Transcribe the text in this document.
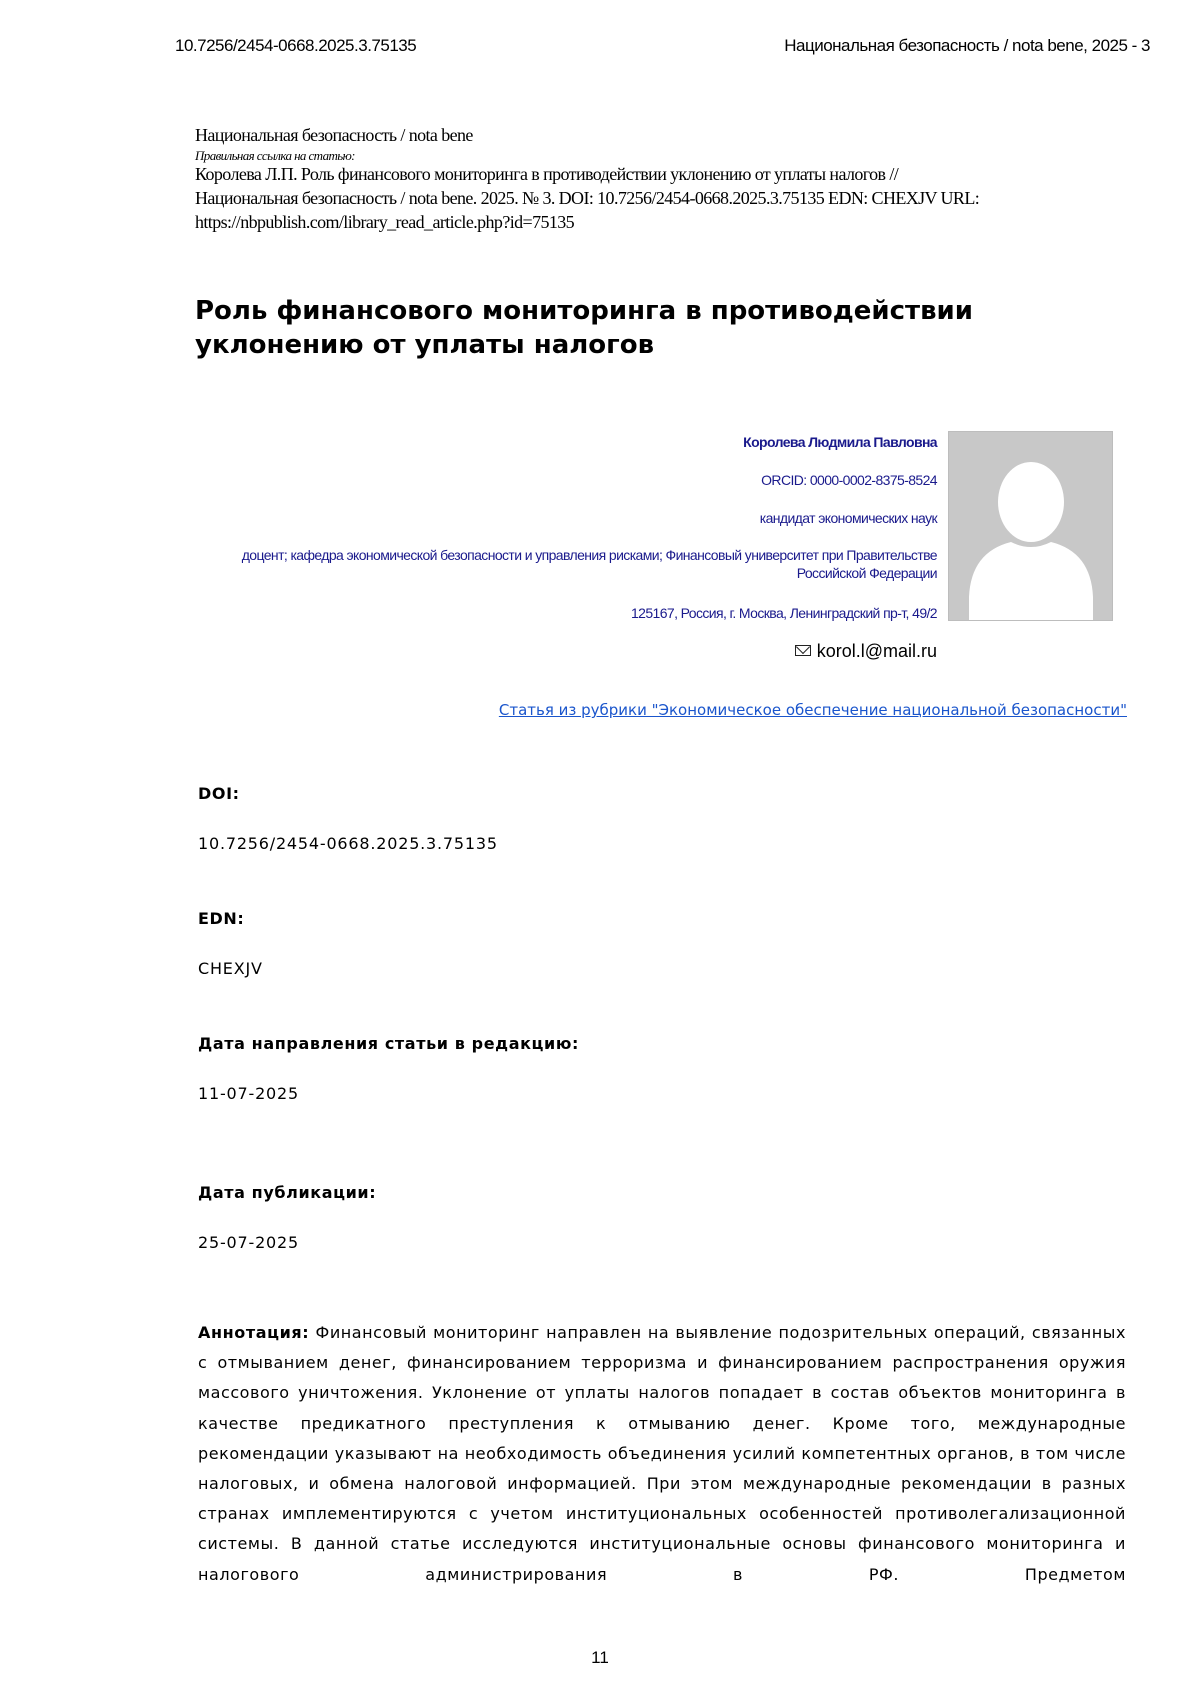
10.7256/2454-0668.2025.3.75135	Национальная безопасность / nota bene, 2025 - 3
Национальная безопасность / nota bene
Правильная ссылка на статью:
Королева Л.П. Роль финансового мониторинга в противодействии уклонению от уплаты налогов //
Национальная безопасность / nota bene. 2025. № 3. DOI: 10.7256/2454-0668.2025.3.75135 EDN: CHEXJV URL:
https://nbpublish.com/library_read_article.php?id=75135
Роль финансового мониторинга в противодействии уклонению от уплаты налогов
Королева Людмила Павловна
ORCID: 0000-0002-8375-8524
кандидат экономических наук
доцент; кафедра экономической безопасности и управления рисками; Финансовый университет при Правительстве Российской Федерации
125167, Россия, г. Москва, Ленинградский пр-т, 49/2
korol.l@mail.ru
Статья из рубрики "Экономическое обеспечение национальной безопасности"
DOI:
10.7256/2454-0668.2025.3.75135
EDN:
CHEXJV
Дата направления статьи в редакцию:
11-07-2025
Дата публикации:
25-07-2025

Аннотация: Финансовый мониторинг направлен на выявление подозрительных операций, связанных с отмыванием денег, финансированием терроризма и финансированием распространения оружия массового уничтожения. Уклонение от уплаты налогов попадает в состав объектов мониторинга в качестве предикатного преступления к отмыванию денег. Кроме того, международные рекомендации указывают на необходимость объединения усилий компетентных органов, в том числе налоговых, и обмена налоговой информацией. При этом международные рекомендации в разных странах имплементируются с учетом институциональных особенностей противолегализационной системы. В данной статье исследуются институциональные основы финансового мониторинга и налогового администрирования в РФ. Предметом

11
